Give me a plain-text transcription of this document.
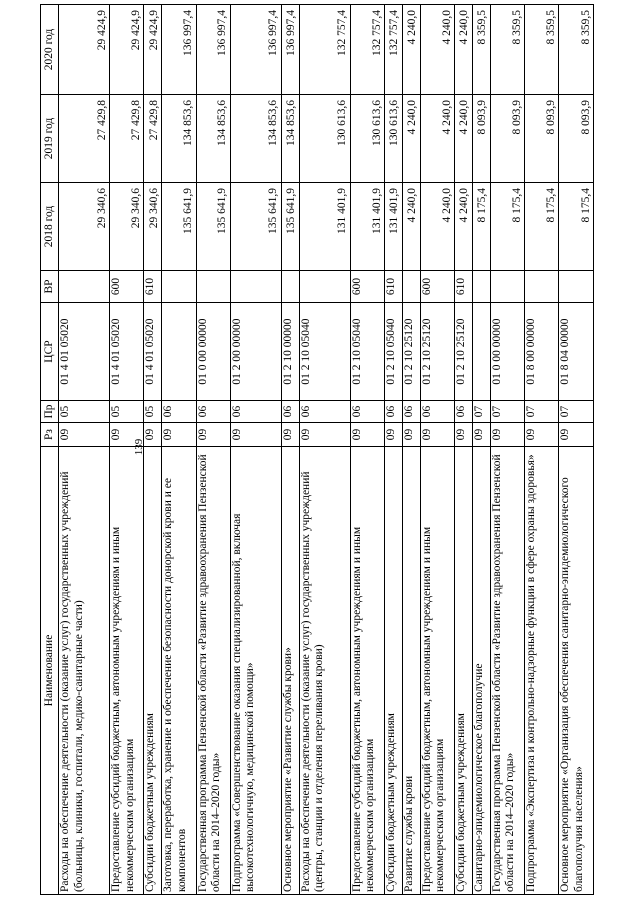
139
Наименование	Рз	Пр	ЦСР	ВР	2018 год	2019 год	2020 год
Расходы на обеспечение деятельности (оказание услуг) государственных учреждений (больницы, клиники, госпитали, медико-санитарные части)	09	05	01 4 01 05020		29 340,6	27 429,8	29 424,9
Предоставление субсидий бюджетным, автономным учреждениям и иным некоммерческим организациям	09	05	01 4 01 05020	600	29 340,6	27 429,8	29 424,9
Субсидии бюджетным учреждениям	09	05	01 4 01 05020	610	29 340,6	27 429,8	29 424,9
Заготовка, переработка, хранение и обеспечение безопасности донорской крови и ее компонентов	09	06			135 641,9	134 853,6	136 997,4
Государственная программа Пензенской области «Развитие здравоохранения Пензенской области на 2014–2020 годы»	09	06	01 0 00 00000		135 641,9	134 853,6	136 997,4
Подпрограмма «Совершенствование оказания специализированной, включая высокотехнологичную, медицинской помощи»	09	06	01 2 00 00000		135 641,9	134 853,6	136 997,4
Основное мероприятие «Развитие службы крови»	09	06	01 2 10 00000		135 641,9	134 853,6	136 997,4
Расходы на обеспечение деятельности (оказание услуг) государственных учреждений (центры, станции и отделения переливания крови)	09	06	01 2 10 05040		131 401,9	130 613,6	132 757,4
Предоставление субсидий бюджетным, автономным учреждениям и иным некоммерческим организациям	09	06	01 2 10 05040	600	131 401,9	130 613,6	132 757,4
Субсидии бюджетным учреждениям	09	06	01 2 10 05040	610	131 401,9	130 613,6	132 757,4
Развитие службы крови	09	06	01 2 10 25120		4 240,0	4 240,0	4 240,0
Предоставление субсидий бюджетным, автономным учреждениям и иным некоммерческим организациям	09	06	01 2 10 25120	600	4 240,0	4 240,0	4 240,0
Субсидии бюджетным учреждениям	09	06	01 2 10 25120	610	4 240,0	4 240,0	4 240,0
Санитарно-эпидемиологическое благополучие	09	07			8 175,4	8 093,9	8 359,5
Государственная программа Пензенской области «Развитие здравоохранения Пензенской области на 2014–2020 годы»	09	07	01 0 00 00000		8 175,4	8 093,9	8 359,5
Подпрограмма «Экспертиза и контрольно-надзорные функции в сфере охраны здоровья»	09	07	01 8 00 00000		8 175,4	8 093,9	8 359,5
Основное мероприятие «Организация обеспечения санитарно-эпидемиологического благополучия населения»	09	07	01 8 04 00000		8 175,4	8 093,9	8 359,5
